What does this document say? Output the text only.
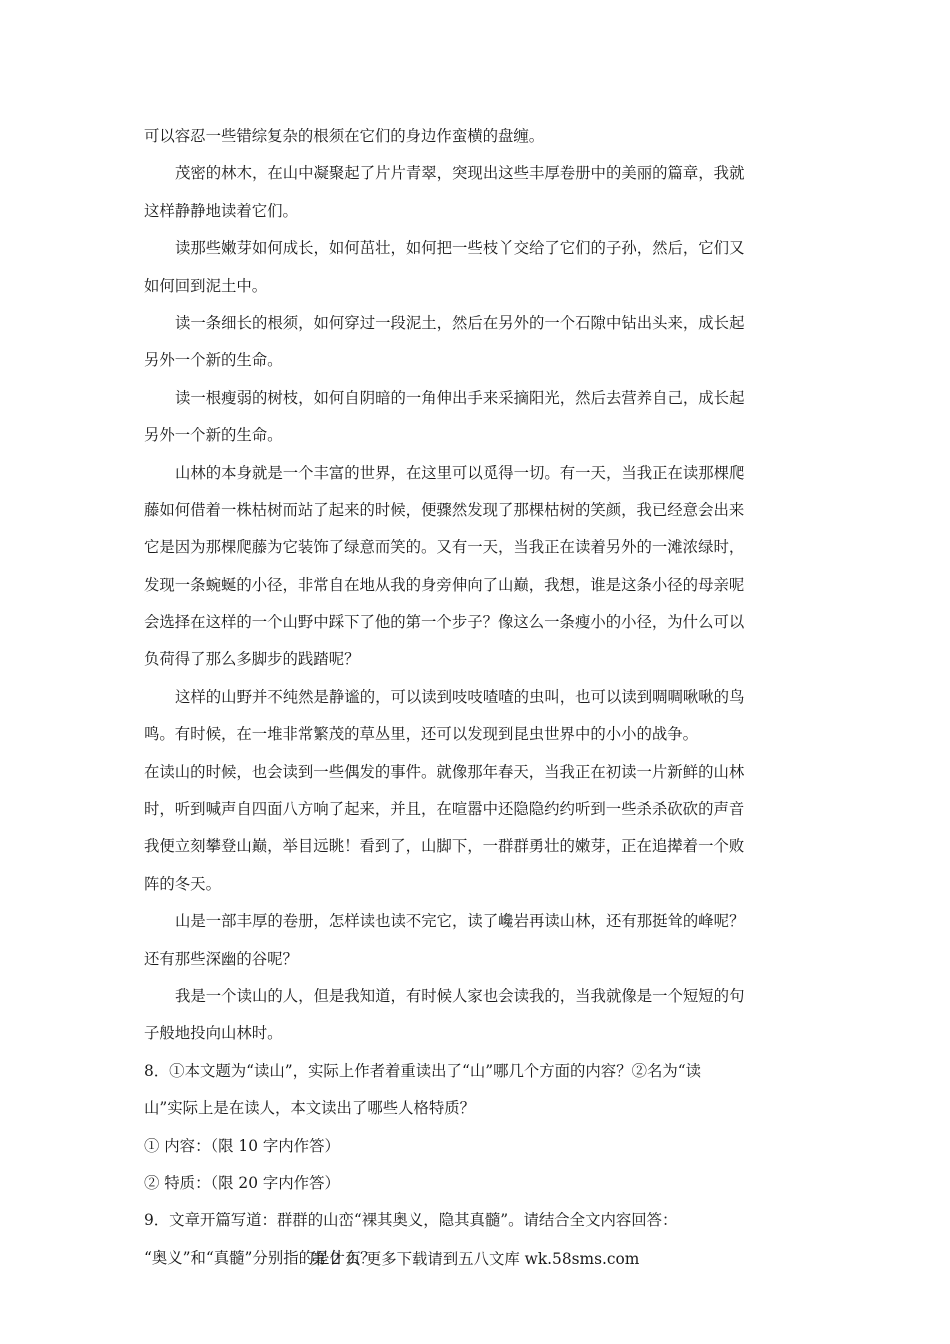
可以容忍一些错综复杂的根须在它们的身边作蛮横的盘缠。
茂密的林木，在山中凝聚起了片片青翠，突现出这些丰厚卷册中的美丽的篇章，我就
这样静静地读着它们。
读那些嫩芽如何成长，如何茁壮，如何把一些枝丫交给了它们的子孙，然后，它们又
如何回到泥土中。
读一条细长的根须，如何穿过一段泥土，然后在另外的一个石隙中钻出头来，成长起
另外一个新的生命。
读一根瘦弱的树枝，如何自阴暗的一角伸出手来采摘阳光，然后去营养自己，成长起
另外一个新的生命。
山林的本身就是一个丰富的世界，在这里可以觅得一切。有一天，当我正在读那棵爬
藤如何借着一株枯树而站了起来的时候，便骤然发现了那棵枯树的笑颜，我已经意会出来
它是因为那棵爬藤为它装饰了绿意而笑的。又有一天，当我正在读着另外的一滩浓绿时，
发现一条蜿蜒的小径，非常自在地从我的身旁伸向了山巅，我想，谁是这条小径的母亲呢
会选择在这样的一个山野中踩下了他的第一个步子？像这么一条瘦小的小径，为什么可以
负荷得了那么多脚步的践踏呢？
这样的山野并不纯然是静谧的，可以读到吱吱喳喳的虫叫，也可以读到啁啁啾啾的鸟
鸣。有时候，在一堆非常繁茂的草丛里，还可以发现到昆虫世界中的小小的战争。
在读山的时候，也会读到一些偶发的事件。就像那年春天，当我正在初读一片新鲜的山林
时，听到喊声自四面八方响了起来，并且，在喧嚣中还隐隐约约听到一些杀杀砍砍的声音
我便立刻攀登山巅，举目远眺！看到了，山脚下，一群群勇壮的嫩芽，正在追撵着一个败
阵的冬天。
山是一部丰厚的卷册，怎样读也读不完它，读了巉岩再读山林，还有那挺耸的峰呢？
还有那些深幽的谷呢？
我是一个读山的人，但是我知道，有时候人家也会读我的，当我就像是一个短短的句
子般地投向山林时。
8．①本文题为“读山”，实际上作者着重读出了“山”哪几个方面的内容？②名为“读
山”实际上是在读人，本文读出了哪些人格特质？
① 内容：（限 10 字内作答）
② 特质：（限 20 字内作答）
9．文章开篇写道：群群的山峦“裸其奥义，隐其真髓”。请结合全文内容回答：
“奥义”和“真髓”分别指的是什么？
第 2 页 更多下载请到五八文库 wk.58sms.com
